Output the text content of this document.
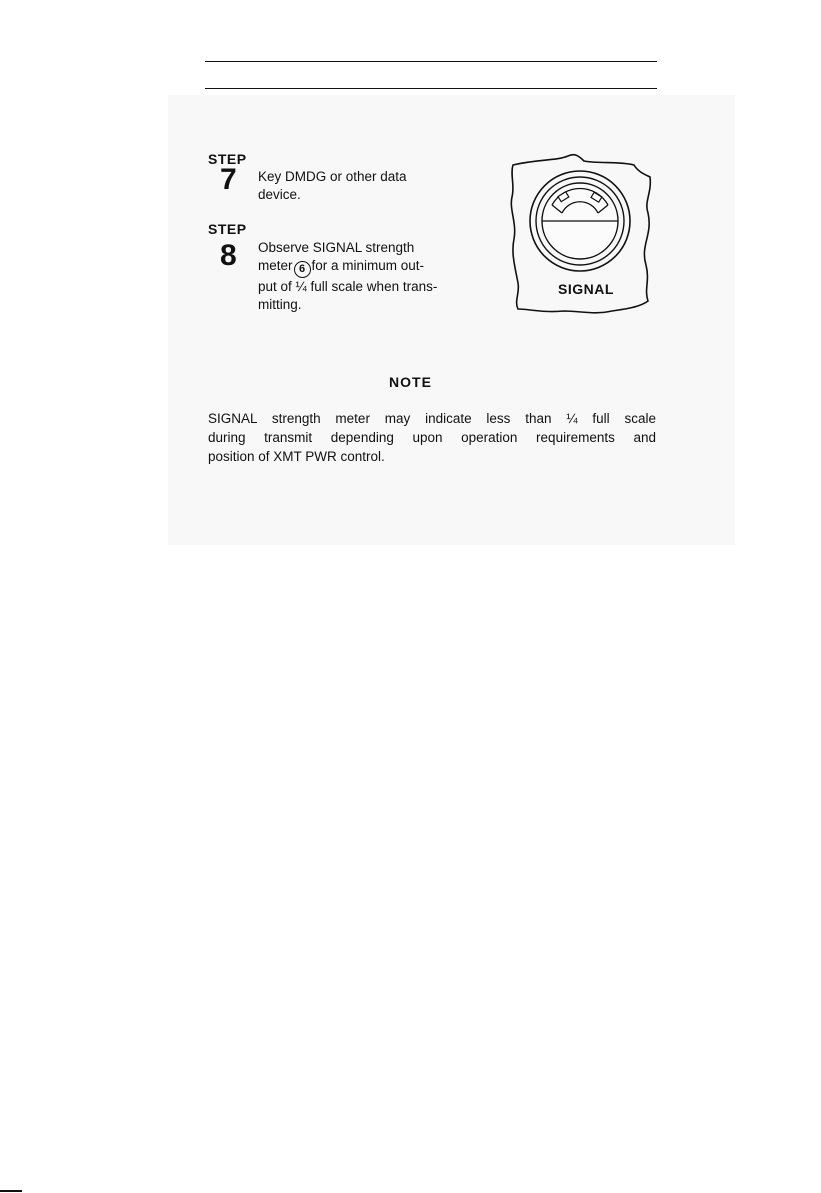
STEP
7 Key DMDG or other data
device.
STEP
8 Observe SIGNAL strength
meter 6 for a minimum out-
put of ¼ full scale when trans-
mitting.
SIGNAL
NOTE
SIGNAL strength meter may indicate less than ¼ full scale
during transmit depending upon operation requirements and
position of XMT PWR control.
